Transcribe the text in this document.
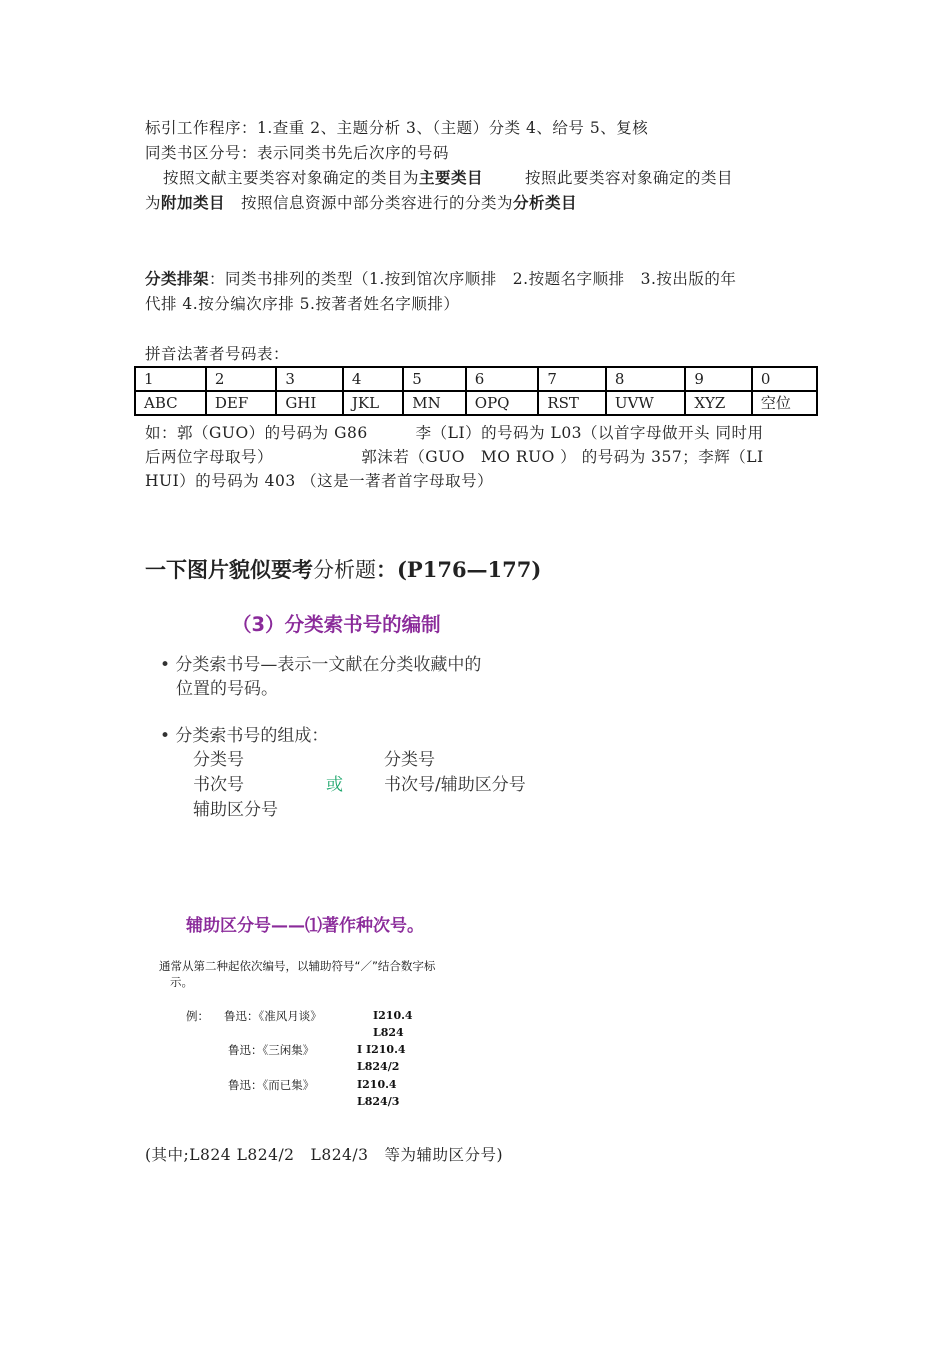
标引工作程序：1.查重 2、主题分析 3、（主题）分类 4、给号 5、复核
同类书区分号：表示同类书先后次序的号码
按照文献主要类容对象确定的类目为主要类目	按照此要类容对象确定的类目
为附加类目 按照信息资源中部分类容进行的分类为分析类目
分类排架：同类书排列的类型（1.按到馆次序顺排　2.按题名字顺排　3.按出版的年
代排 4.按分编次序排 5.按著者姓名字顺排）
拼音法著者号码表：
1	2	3	4	5	6	7	8	9	0
ABC	DEF	GHI	JKL	MN	OPQ	RST	UVW	XYZ	空位
如：郭（GUO）的号码为 G86　　　李（LI）的号码为 L03（以首字母做开头 同时用
后两位字母取号）　　　　　　郭沫若（GUO　MO RUO ） 的号码为 357；李辉（LI
HUI）的号码为 403 （这是一著者首字母取号）
一下图片貌似要考分析题：(P176—177)
（3）分类索书号的编制
• 分类索书号—表示一文献在分类收藏中的
位置的号码。
• 分类索书号的组成：
分类号
书次号
辅助区分号
或
分类号
书次号/辅助区分号
辅助区分号——⑴著作种次号。
通常从第二种起依次编号，以辅助符号“／”结合数字标
示。
例： 鲁迅：《准风月谈》	I210.4
L824
鲁迅：《三闲集》	I I210.4
L824/2
鲁迅：《而已集》	I210.4
L824/3
(其中;L824 L824/2　L824/3　等为辅助区分号)
